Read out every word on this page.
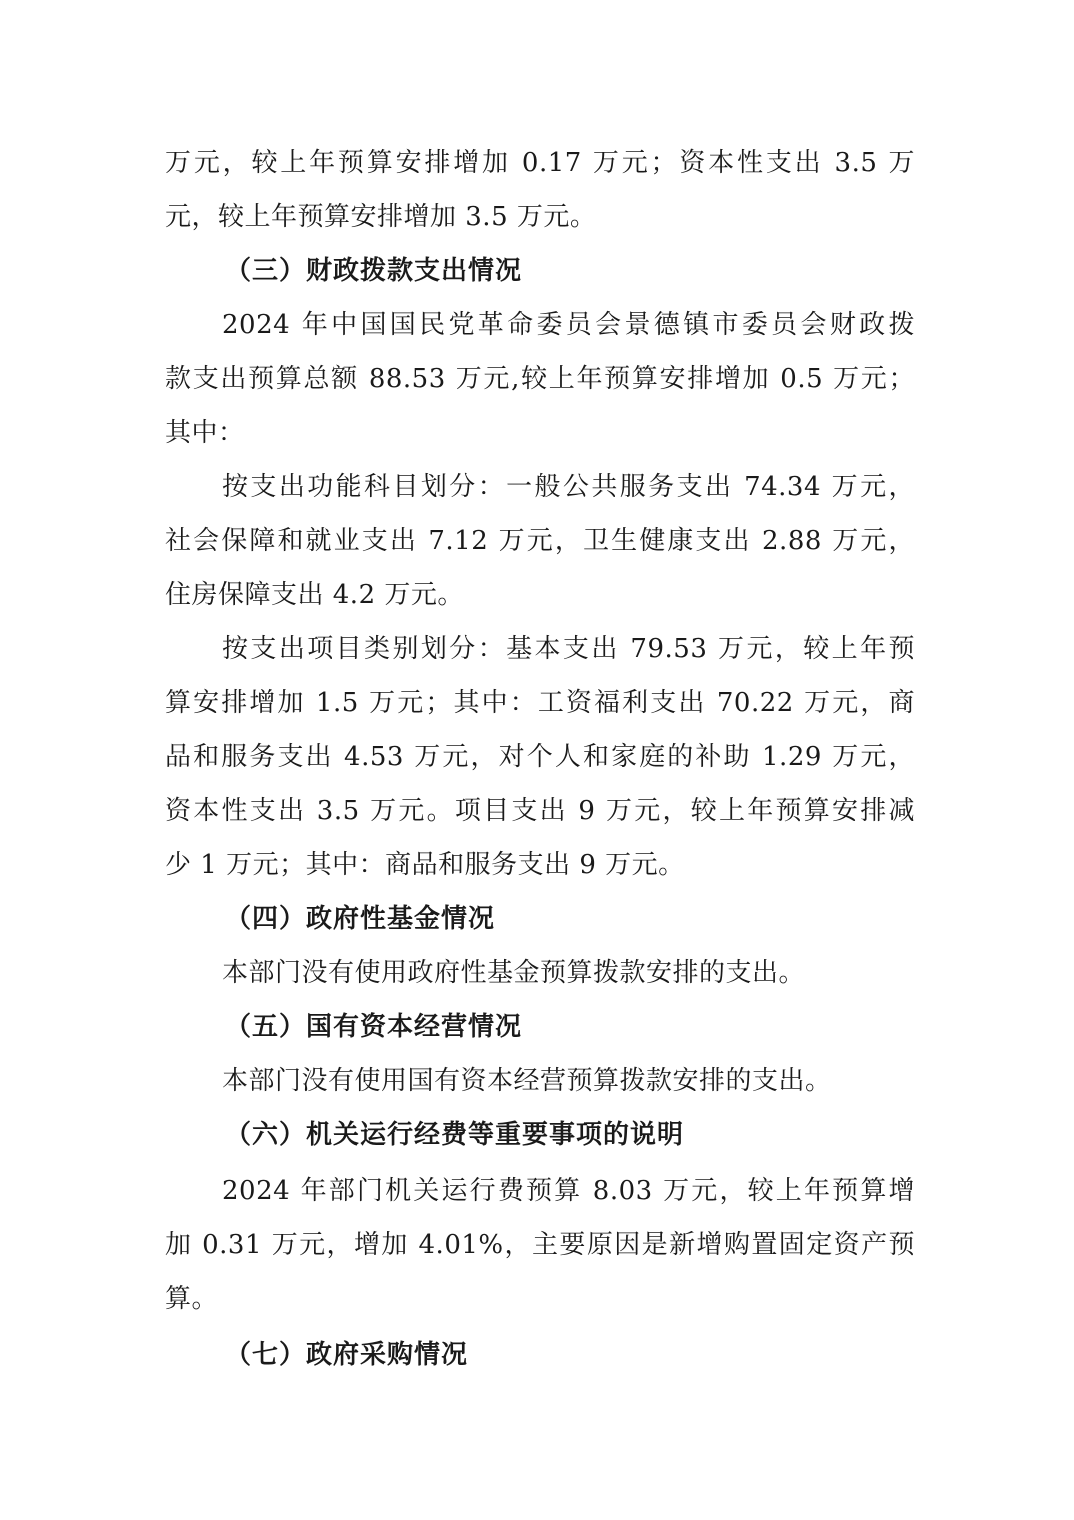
万元，较上年预算安排增加 0.17 万元；资本性支出 3.5 万
元，较上年预算安排增加 3.5 万元。
（三）财政拨款支出情况
2024 年中国国民党革命委员会景德镇市委员会财政拨
款支出预算总额 88.53 万元,较上年预算安排增加 0.5 万元；
其中：
按支出功能科目划分：一般公共服务支出 74.34 万元，
社会保障和就业支出 7.12 万元，卫生健康支出 2.88 万元，
住房保障支出 4.2 万元。
按支出项目类别划分：基本支出 79.53 万元，较上年预
算安排增加 1.5 万元；其中：工资福利支出 70.22 万元，商
品和服务支出 4.53 万元，对个人和家庭的补助 1.29 万元，
资本性支出 3.5 万元。项目支出 9 万元，较上年预算安排减
少 1 万元；其中：商品和服务支出 9 万元。
（四）政府性基金情况
本部门没有使用政府性基金预算拨款安排的支出。
（五）国有资本经营情况
本部门没有使用国有资本经营预算拨款安排的支出。
（六）机关运行经费等重要事项的说明
2024 年部门机关运行费预算 8.03 万元，较上年预算增
加 0.31 万元，增加 4.01%，主要原因是新增购置固定资产预
算。
（七）政府采购情况
